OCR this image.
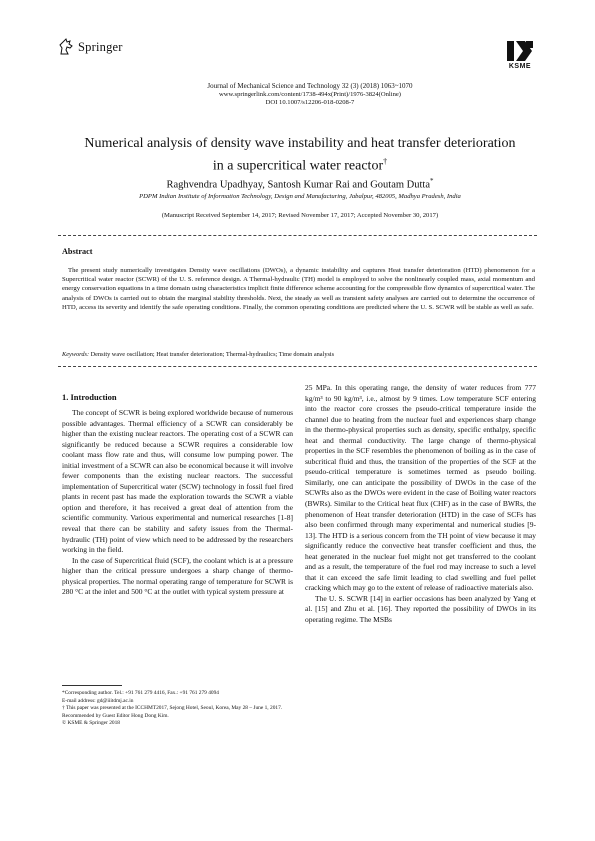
Springer
KSME
Journal of Mechanical Science and Technology 32 (3) (2018) 1063~1070
www.springerlink.com/content/1738-494x(Print)/1976-3824(Online)
DOI 10.1007/s12206-018-0208-7
Numerical analysis of density wave instability and heat transfer deterioration
in a supercritical water reactor†
Raghvendra Upadhyay, Santosh Kumar Rai and Goutam Dutta*
PDPM Indian Institute of Information Technology, Design and Manufacturing, Jabalpur, 482005, Madhya Pradesh, India
(Manuscript Received September 14, 2017; Revised November 17, 2017; Accepted November 30, 2017)
Abstract
The present study numerically investigates Density wave oscillations (DWOs), a dynamic instability and captures Heat transfer deterioration (HTD) phenomenon for a Supercritical water reactor (SCWR) of the U. S. reference design. A Thermal-hydraulic (TH) model is employed to solve the nonlinearly coupled mass, axial momentum and energy conservation equations in a time domain using characteristics implicit finite difference scheme accounting for the compressible flow dynamics of supercritical water. The analysis of DWOs is carried out to obtain the marginal stability thresholds. Next, the steady as well as transient safety analyses are carried out to determine the occurrence of HTD, access its severity and identify the safe operating conditions. Finally, the common operating conditions are predicted where the U. S. SCWR will be stable as well as safe.
Keywords: Density wave oscillation; Heat transfer deterioration; Thermal-hydraulics; Time domain analysis
1. Introduction

The concept of SCWR is being explored worldwide because of numerous possible advantages. Thermal efficiency of a SCWR can considerably be higher than the existing nuclear reactors. The operating cost of a SCWR can significantly be reduced because a SCWR requires a considerable low coolant mass flow rate and thus, will consume low pumping power. The initial investment of a SCWR can also be economical because it will involve fewer components than the existing nuclear reactors. The successful implementation of Supercritical water (SCW) technology in fossil fuel fired plants in recent past has made the exploration towards the SCWR a viable option and therefore, it has received a great deal of attention from the scientific community. Various experimental and numerical researches [1-8] reveal that there can be stability and safety issues from the Thermal-hydraulic (TH) point of view which need to be addressed by the researchers working in the field.

In the case of Supercritical fluid (SCF), the coolant which is at a pressure higher than the critical pressure undergoes a sharp change of thermo-physical properties. The normal operating range of temperature for SCWR is 280 °C at the inlet and 500 °C at the outlet with typical system pressure at

25 MPa. In this operating range, the density of water reduces from 777 kg/m³ to 90 kg/m³, i.e., almost by 9 times. Low temperature SCF entering into the reactor core crosses the pseudo-critical temperature inside the channel due to heating from the nuclear fuel and experiences sharp change in the thermo-physical properties such as density, specific enthalpy, specific heat and thermal conductivity. The large change of thermo-physical properties in the SCF resembles the phenomenon of boiling as in the case of subcritical fluid and thus, the transition of the properties of the SCF at the pseudo-critical temperature is sometimes termed as pseudo boiling. Similarly, one can anticipate the possibility of DWOs in the case of the SCWRs also as the DWOs were evident in the case of Boiling water reactors (BWRs). Similar to the Critical heat flux (CHF) as in the case of BWRs, the phenomenon of Heat transfer deterioration (HTD) in the case of SCFs has also been confirmed through many experimental and numerical studies [9-13]. The HTD is a serious concern from the TH point of view because it may significantly reduce the convective heat transfer coefficient and thus, the heat generated in the nuclear fuel might not get transferred to the coolant and as a result, the temperature of the fuel rod may increase to such a level that it can exceed the safe limit leading to clad swelling and fuel pellet cracking which may go to the extent of release of radioactive materials also.

The U. S. SCWR [14] in earlier occasions has been analyzed by Yang et al. [15] and Zhu et al. [16]. They reported the possibility of DWOs in its operating regime. The MSBs

*Corresponding author. Tel.: +91 761 279 4416, Fax.: +91 761 279 4094
E-mail address: gd@iiitdmj.ac.in
† This paper was presented at the ICCHMT2017, Sejong Hotel, Seoul, Korea, May 28 – June 1, 2017. Recommended by Guest Editor Hong Dong Kim.
© KSME & Springer 2018
